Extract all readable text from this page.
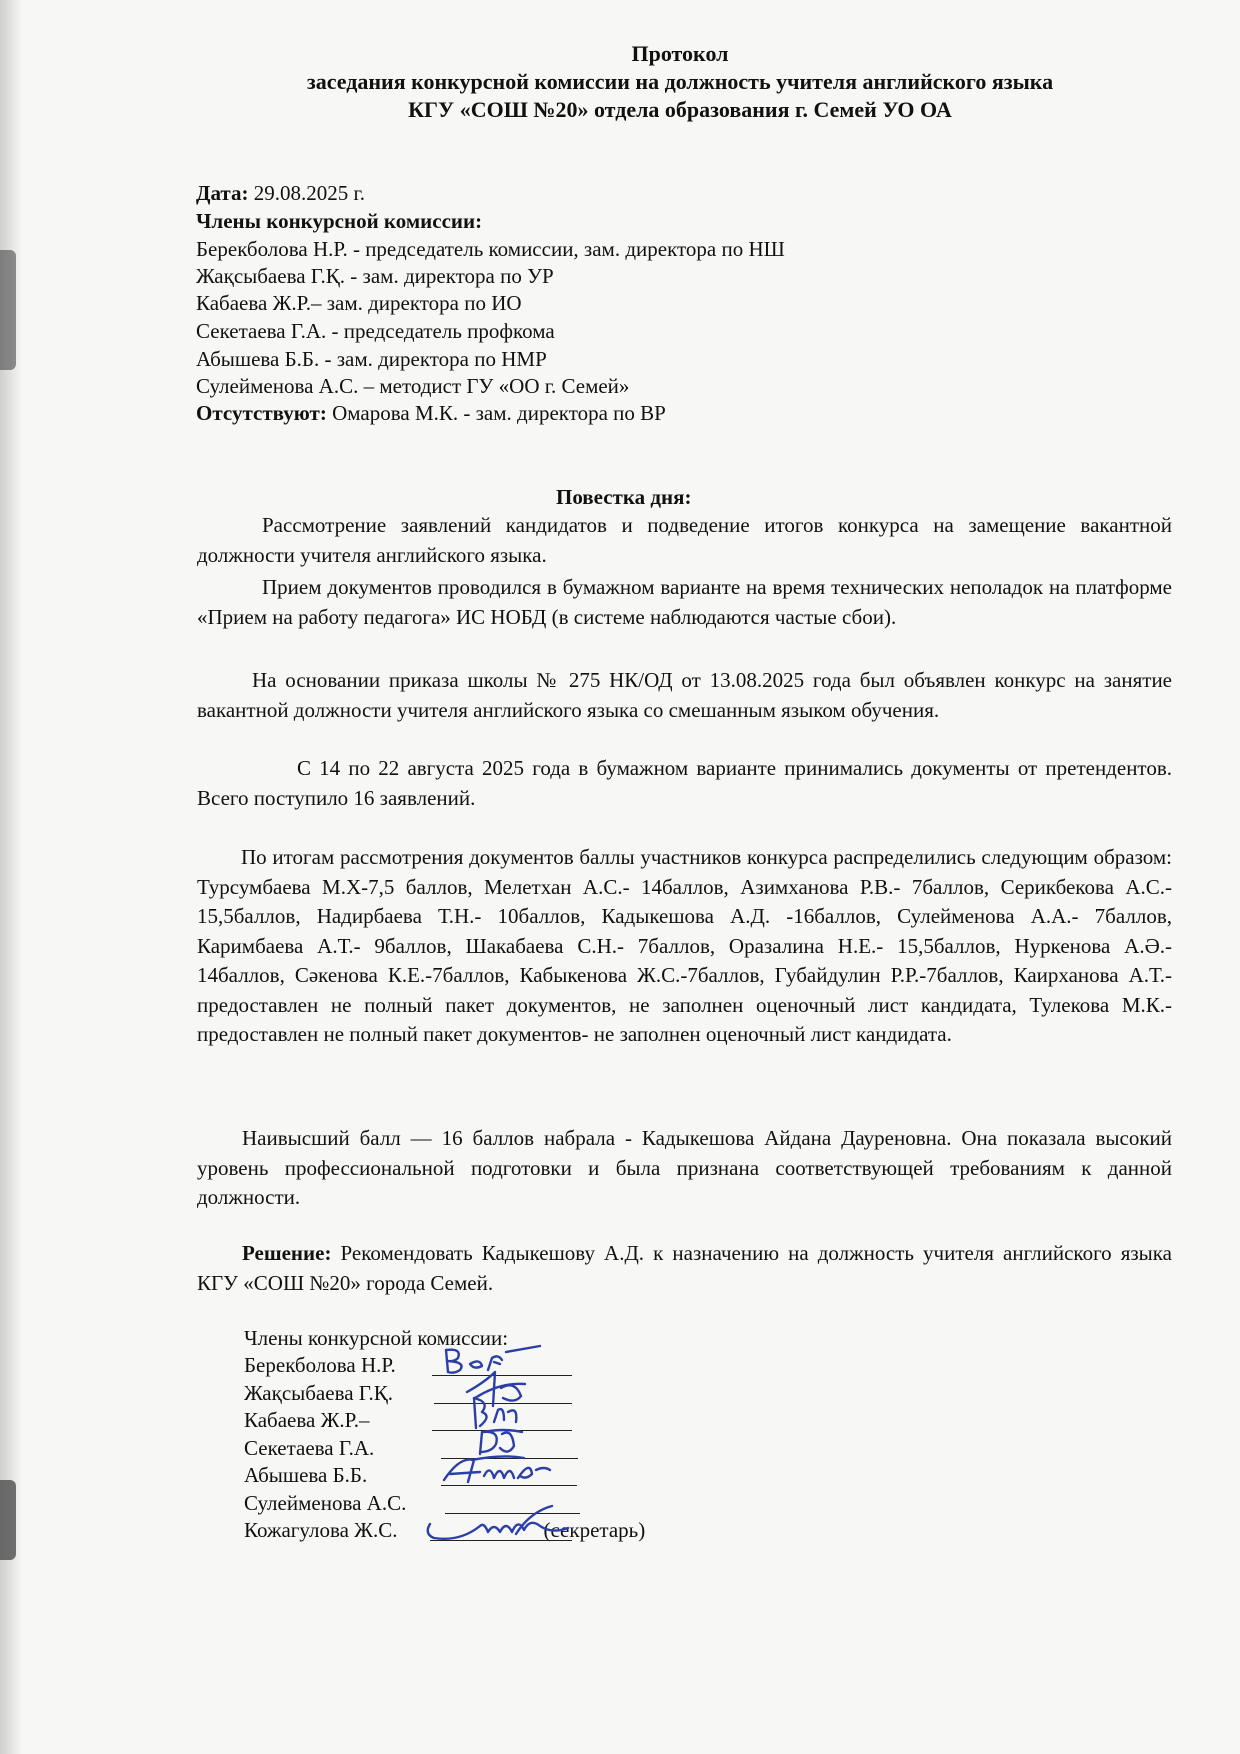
Протокол
заседания конкурсной комиссии на должность учителя английского языка
КГУ «СОШ №20» отдела образования г. Семей УО ОА
Дата: 29.08.2025 г.
Члены конкурсной комиссии:
Берекболова Н.Р. - председатель комиссии, зам. директора по НШ
Жақсыбаева Г.Қ. - зам. директора по УР
Кабаева Ж.Р.– зам. директора по ИО
Секетаева Г.А. - председатель профкома
Абышева Б.Б. - зам. директора по НМР
Сулейменова А.С. – методист ГУ «ОО г. Семей»
Отсутствуют: Омарова М.К. - зам. директора по ВР
Повестка дня:
Рассмотрение заявлений кандидатов и подведение итогов конкурса на замещение вакантной должности учителя английского языка.
Прием документов проводился в бумажном варианте на время технических неполадок на платформе «Прием на работу педагога» ИС НОБД (в системе наблюдаются частые сбои).
На основании приказа школы № 275 НК/ОД от 13.08.2025 года был объявлен конкурс на занятие вакантной должности учителя английского языка со смешанным языком обучения.
С 14 по 22 августа 2025 года в бумажном варианте принимались документы от претендентов. Всего поступило 16 заявлений.
По итогам рассмотрения документов баллы участников конкурса распределились следующим образом: Турсумбаева М.Х-7,5 баллов, Мелетхан А.С.- 14баллов, Азимханова Р.В.- 7баллов, Серикбекова А.С.- 15,5баллов, Надирбаева Т.Н.- 10баллов, Кадыкешова А.Д. -16баллов, Сулейменова А.А.- 7баллов, Каримбаева А.Т.- 9баллов, Шакабаева С.Н.- 7баллов, Оразалина Н.Е.- 15,5баллов, Нуркенова А.Ә.- 14баллов, Сәкенова К.Е.-7баллов, Кабыкенова Ж.С.-7баллов, Губайдулин Р.Р.-7баллов, Каирханова А.Т.- предоставлен не полный пакет документов, не заполнен оценочный лист кандидата, Тулекова М.К.- предоставлен не полный пакет документов- не заполнен оценочный лист кандидата.
Наивысший балл — 16 баллов набрала - Кадыкешова Айдана Дауреновна. Она показала высокий уровень профессиональной подготовки и была признана соответствующей требованиям к данной должности.
Решение: Рекомендовать Кадыкешову А.Д. к назначению на должность учителя английского языка КГУ «СОШ №20» города Семей.
Члены конкурсной комиссии:
Берекболова Н.Р.
Жақсыбаева Г.Қ.
Кабаева Ж.Р.–
Секетаева Г.А.
Абышева Б.Б.
Сулейменова А.С.
Кожагулова Ж.С.	(секретарь)
